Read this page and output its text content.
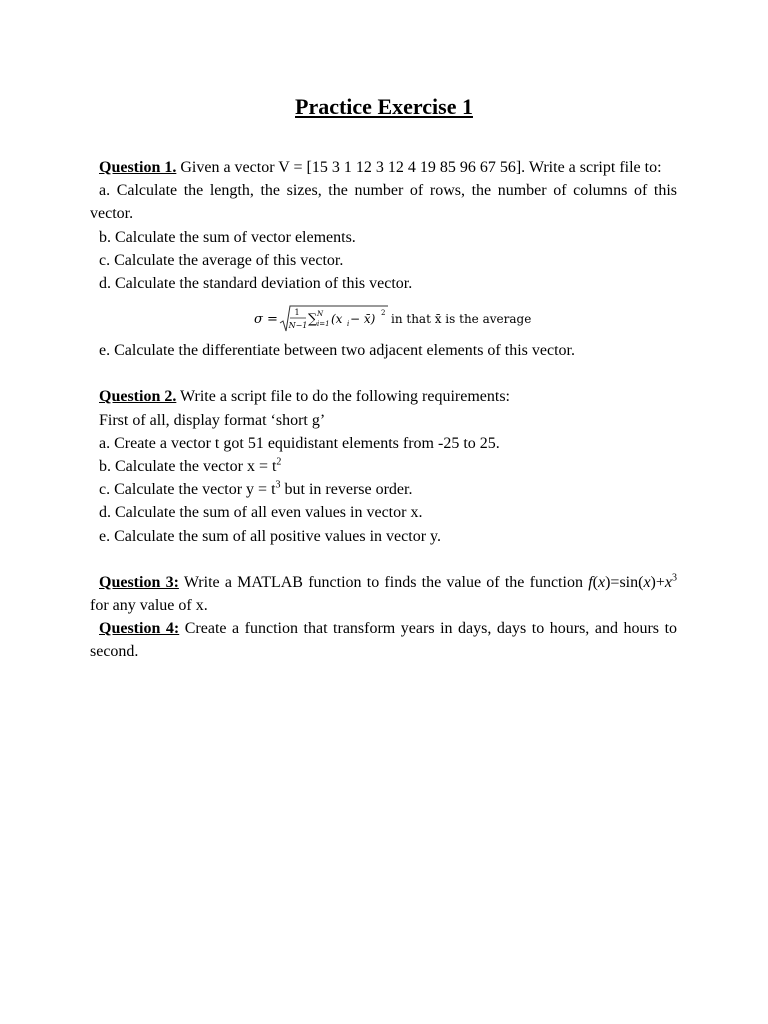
Practice Exercise 1

Question 1. Given a vector V = [15 3 1 12 3 12 4 19 85 96 67 56]. Write a script file to:

a. Calculate the length, the sizes, the number of rows, the number of columns of this vector.

b. Calculate the sum of vector elements.

c. Calculate the average of this vector.

d. Calculate the standard deviation of this vector.

σ = 1
N−1 ∑ N
i=1 (x i − x̄) 2 in that x̄ is the average

e. Calculate the differentiate between two adjacent elements of this vector.

Question 2. Write a script file to do the following requirements:

First of all, display format ‘short g’

a. Create a vector t got 51 equidistant elements from -25 to 25.

b. Calculate the vector $x = t^2$

c. Calculate the vector $y = t^3$ but in reverse order.

d. Calculate the sum of all even values in vector x.

e. Calculate the sum of all positive values in vector y.

Question 3: Write a MATLAB function to finds the value of the function $f(x)=\sin(x)+x^3$ for any value of x.

Question 4: Create a function that transform years in days, days to hours, and hours to second.
